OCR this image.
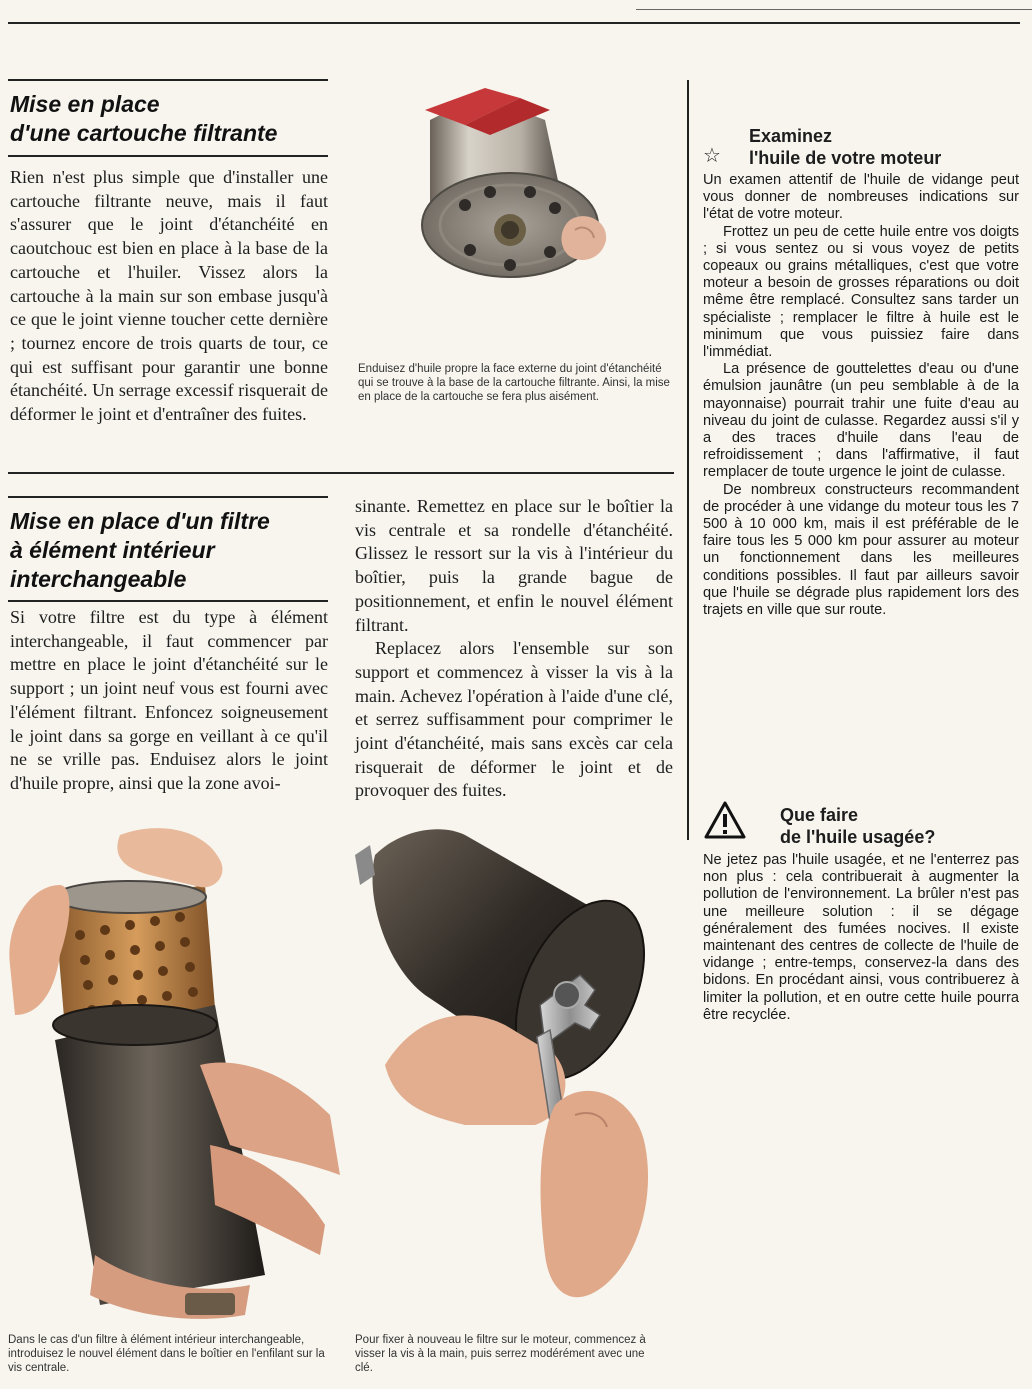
Mise en place
d'une cartouche filtrante
Rien n'est plus simple que d'installer une cartouche filtrante neuve, mais il faut s'assurer que le joint d'étanchéité en caoutchouc est bien en place à la base de la cartouche et l'huiler. Vissez alors la cartouche à la main sur son embase jusqu'à ce que le joint vienne toucher cette dernière ; tournez encore de trois quarts de tour, ce qui est suffisant pour garantir une bonne étanchéité. Un serrage excessif risquerait de déformer le joint et d'entraîner des fuites.
Enduisez d'huile propre la face externe du joint d'étanchéité qui se trouve à la base de la cartouche filtrante. Ainsi, la mise en place de la cartouche se fera plus aisément.
Mise en place d'un filtre
à élément intérieur
interchangeable
Si votre filtre est du type à élément interchangeable, il faut commencer par mettre en place le joint d'étanchéité sur le support ; un joint neuf vous est fourni avec l'élément filtrant. Enfoncez soigneusement le joint dans sa gorge en veillant à ce qu'il ne se vrille pas. Enduisez alors le joint d'huile propre, ainsi que la zone avoi-

sinante. Remettez en place sur le boîtier la vis centrale et sa rondelle d'étanchéité. Glissez le ressort sur la vis à l'intérieur du boîtier, puis la grande bague de positionnement, et enfin le nouvel élément filtrant.

Replacez alors l'ensemble sur son support et commencez à visser la vis à la main. Achevez l'opération à l'aide d'une clé, et serrez suffisamment pour comprimer le joint d'étanchéité, mais sans excès car cela risquerait de déformer le joint et de provoquer des fuites.

Dans le cas d'un filtre à élément intérieur interchangeable, introduisez le nouvel élément dans le boîtier en l'enfilant sur la vis centrale.
Pour fixer à nouveau le filtre sur le moteur, commencez à visser la vis à la main, puis serrez modérément avec une clé.
☆
Examinez
l'huile de votre moteur

Un examen attentif de l'huile de vidange peut vous donner de nombreuses indications sur l'état de votre moteur.

Frottez un peu de cette huile entre vos doigts ; si vous sentez ou si vous voyez de petits copeaux ou grains métalliques, c'est que votre moteur a besoin de grosses réparations ou doit même être remplacé. Consultez sans tarder un spécialiste ; remplacer le filtre à huile est le minimum que vous puissiez faire dans l'immédiat.

La présence de gouttelettes d'eau ou d'une émulsion jaunâtre (un peu semblable à de la mayonnaise) pourrait trahir une fuite d'eau au niveau du joint de culasse. Regardez aussi s'il y a des traces d'huile dans l'eau de refroidissement ; dans l'affirmative, il faut remplacer de toute urgence le joint de culasse.

De nombreux constructeurs recommandent de procéder à une vidange du moteur tous les 7 500 à 10 000 km, mais il est préférable de le faire tous les 5 000 km pour assurer au moteur un fonctionnement dans les meilleures conditions possibles. Il faut par ailleurs savoir que l'huile se dégrade plus rapidement lors des trajets en ville que sur route.

Que faire
de l'huile usagée?
Ne jetez pas l'huile usagée, et ne l'enterrez pas non plus : cela contribuerait à augmenter la pollution de l'environnement. La brûler n'est pas une meilleure solution : il se dégage généralement des fumées nocives. Il existe maintenant des centres de collecte de l'huile de vidange ; entre-temps, conservez-la dans des bidons. En procédant ainsi, vous contribuerez à limiter la pollution, et en outre cette huile pourra être recyclée.
